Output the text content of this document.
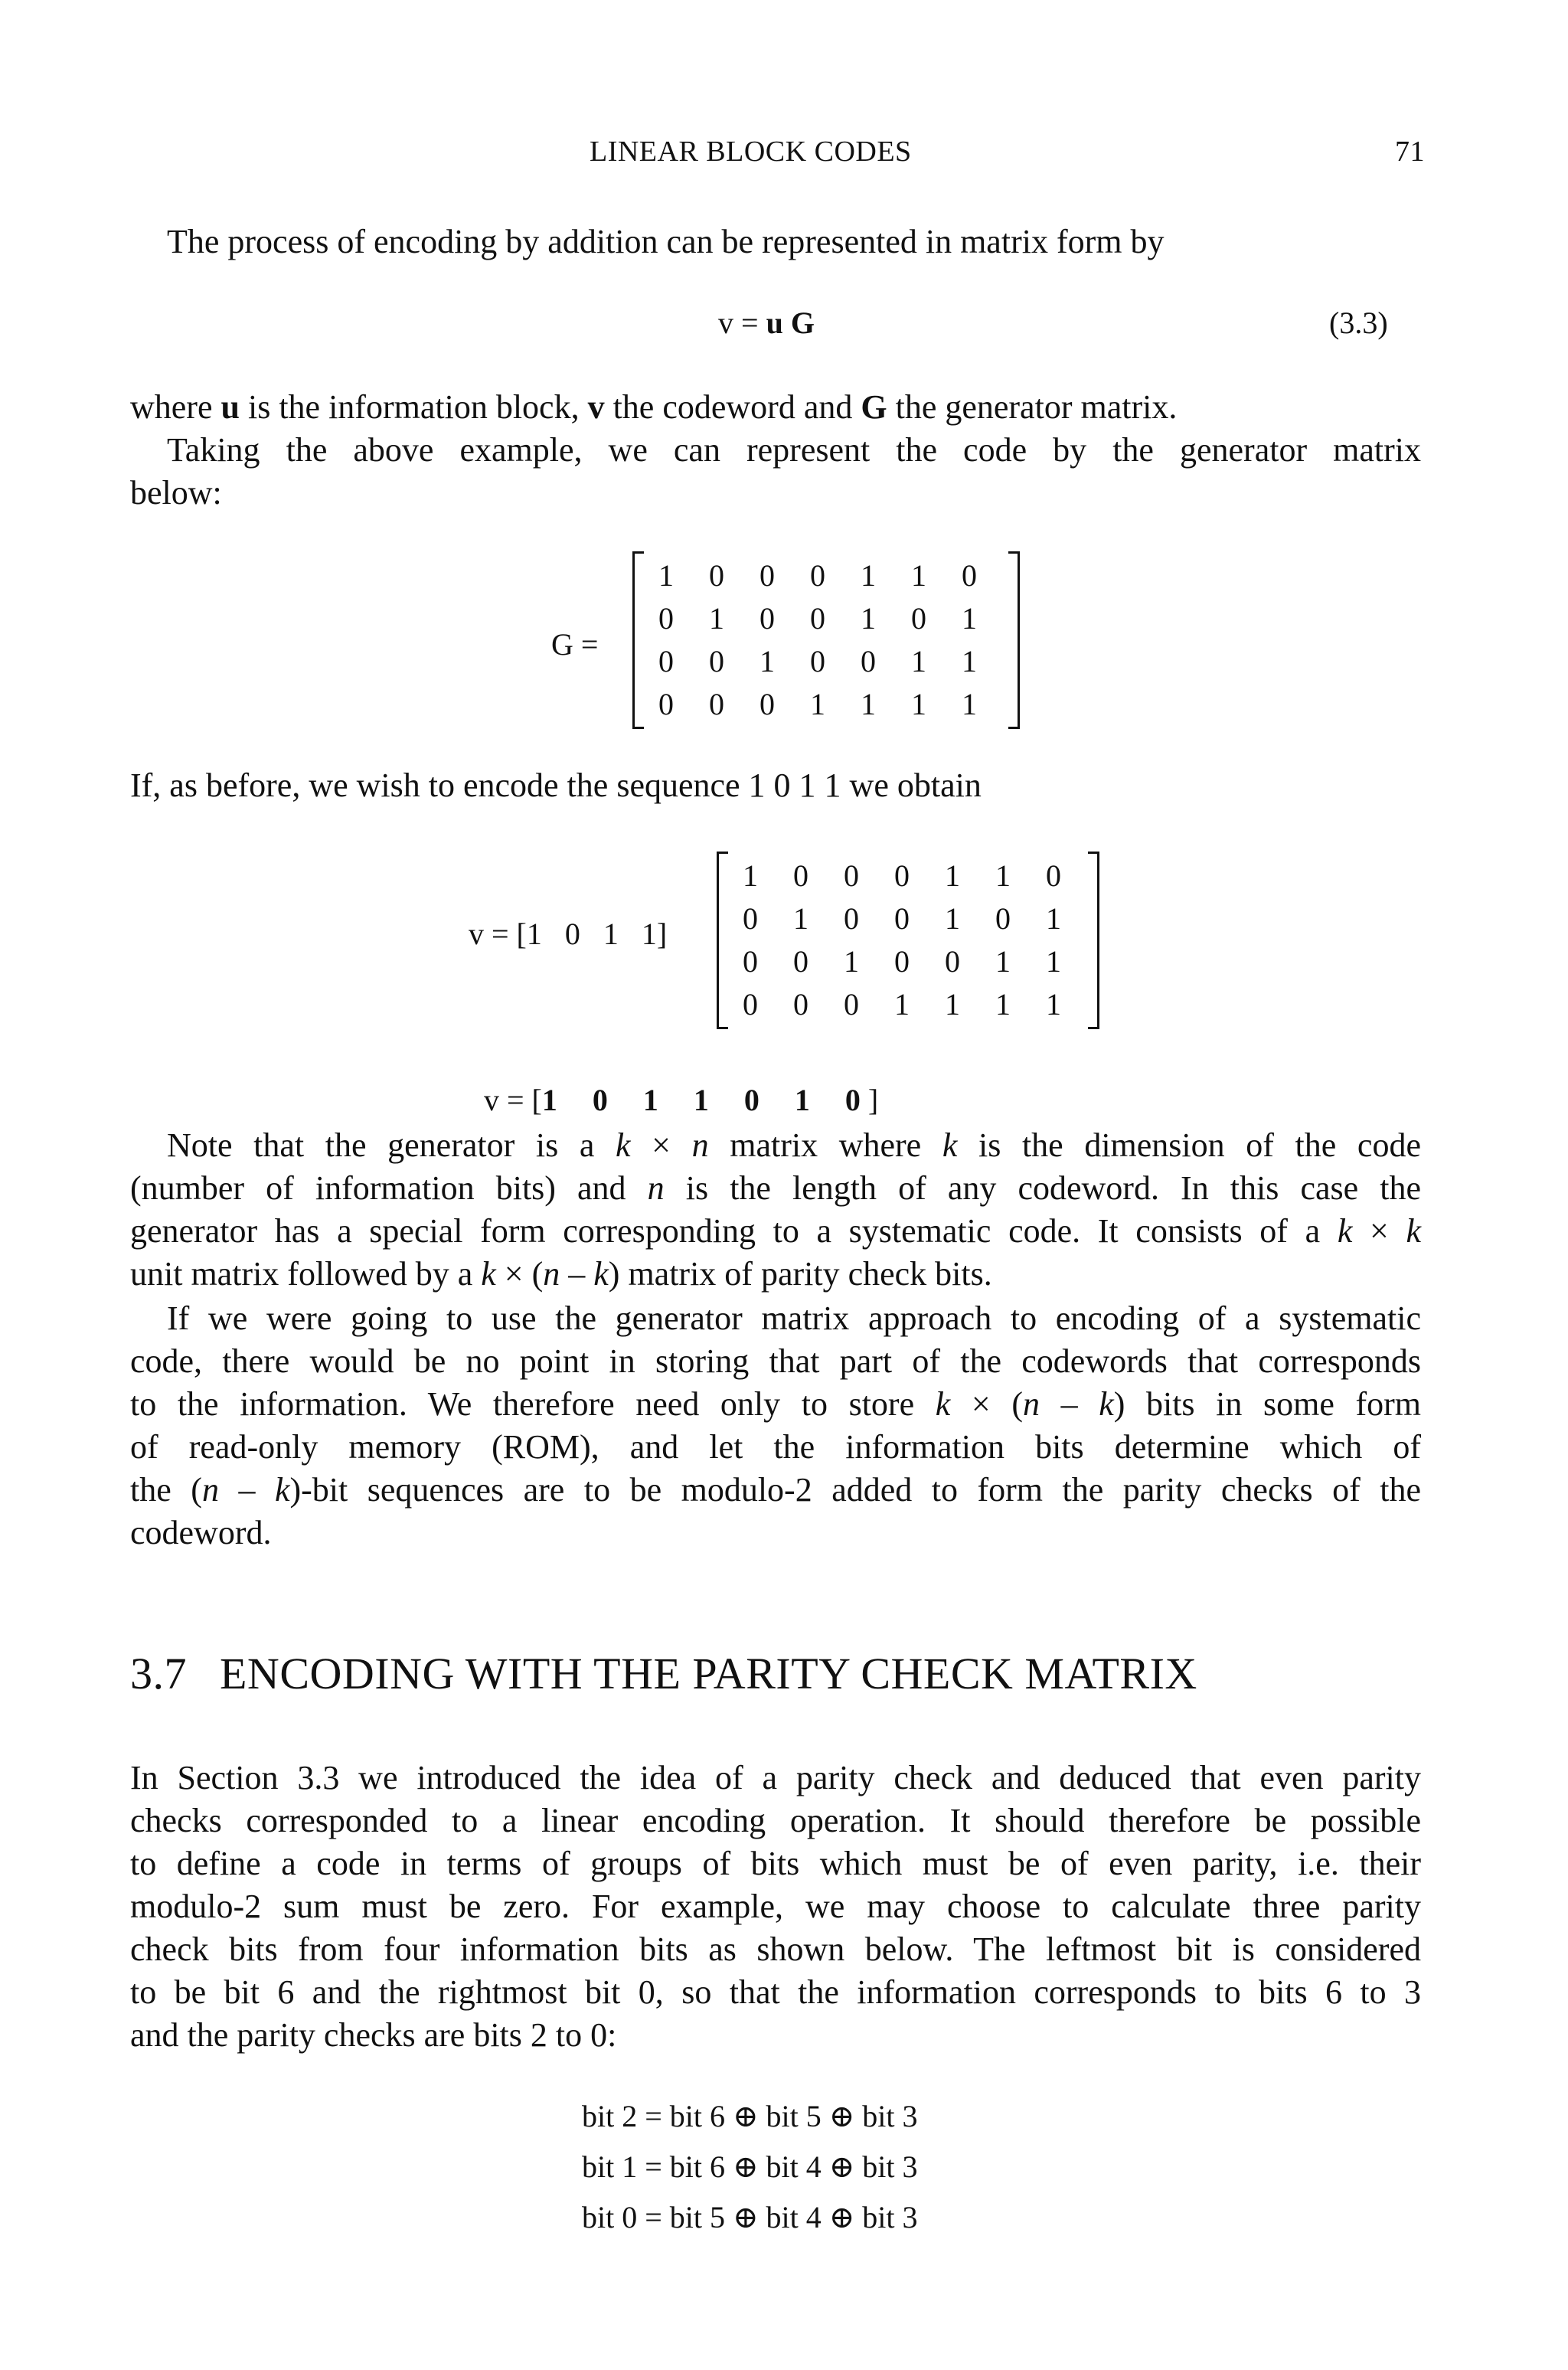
LINEAR BLOCK CODES	71
The process of encoding by addition can be represented in matrix form by
v = u G	(3.3)
where u is the information block, v the codeword and G the generator matrix.
Taking the above example, we can represent the code by the generator matrix
below:
G =
1	0	0	0	1	1	0
0	1	0	0	1	0	1
0	0	1	0	0	1	1
0	0	0	1	1	1	1
If, as before, we wish to encode the sequence 1 0 1 1 we obtain
v = [1   0   1   1]
1	0	0	0	1	1	0
0	1	0	0	1	0	1
0	0	1	0	0	1	1
0	0	0	1	1	1	1

v = [1 0 1 1 0 1 0 ]

Note that the generator is a k × n matrix where k is the dimension of the code
(number of information bits) and n is the length of any codeword. In this case the
generator has a special form corresponding to a systematic code. It consists of a k × k
unit matrix followed by a k × (n – k) matrix of parity check bits.
If we were going to use the generator matrix approach to encoding of a systematic
code, there would be no point in storing that part of the codewords that corresponds
to the information. We therefore need only to store k × (n – k) bits in some form
of read-only memory (ROM), and let the information bits determine which of
the (n – k)-bit sequences are to be modulo-2 added to form the parity checks of the
codeword.
3.7 ENCODING WITH THE PARITY CHECK MATRIX
In Section 3.3 we introduced the idea of a parity check and deduced that even parity
checks corresponded to a linear encoding operation. It should therefore be possible
to define a code in terms of groups of bits which must be of even parity, i.e. their
modulo-2 sum must be zero. For example, we may choose to calculate three parity
check bits from four information bits as shown below. The leftmost bit is considered
to be bit 6 and the rightmost bit 0, so that the information corresponds to bits 6 to 3
and the parity checks are bits 2 to 0:
bit 2 = bit 6 ⊕ bit 5 ⊕ bit 3
bit 1 = bit 6 ⊕ bit 4 ⊕ bit 3
bit 0 = bit 5 ⊕ bit 4 ⊕ bit 3
